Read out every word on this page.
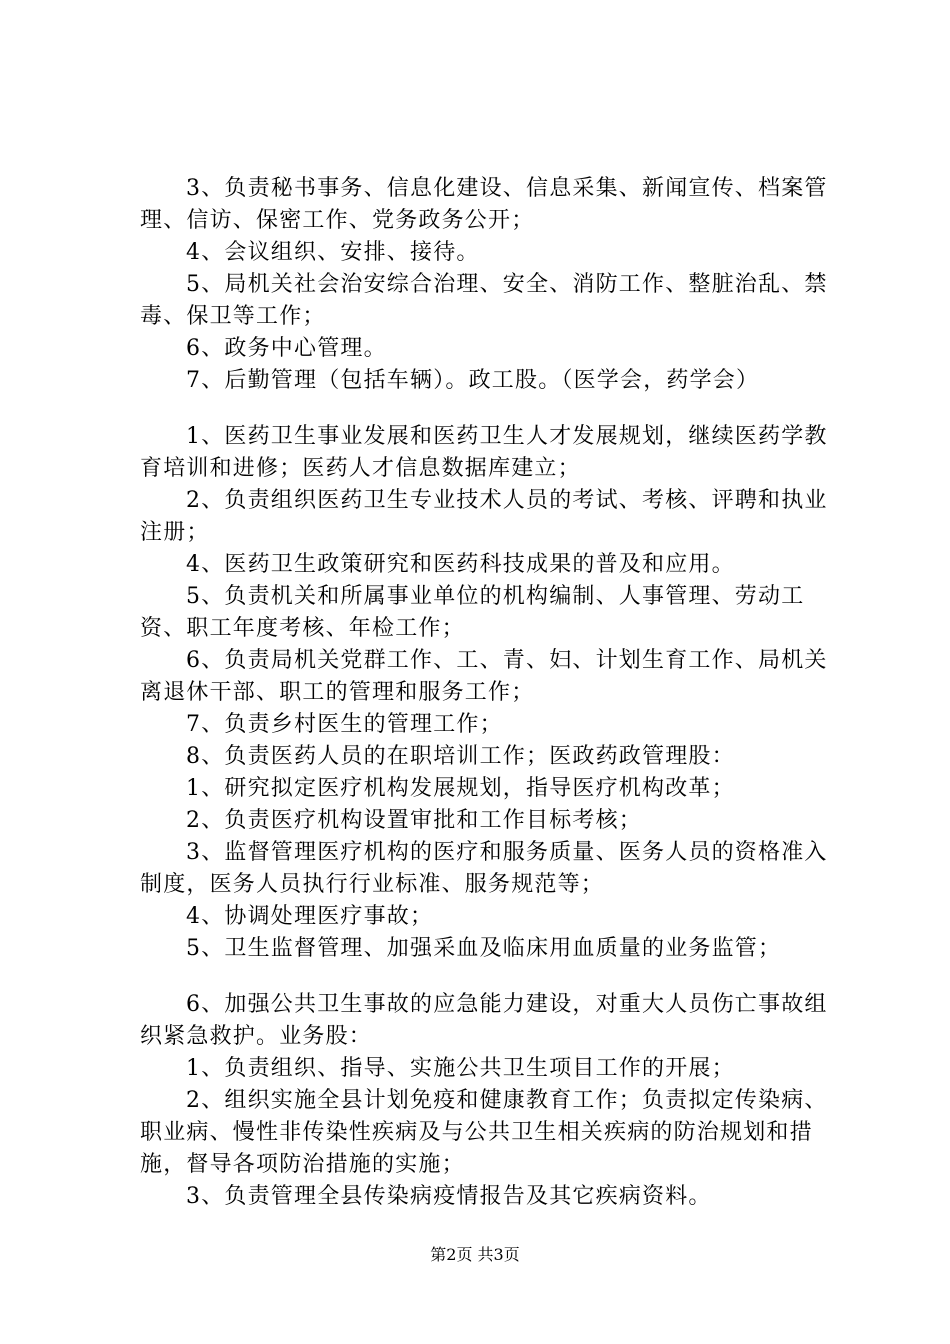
3、负责秘书事务、信息化建设、信息采集、新闻宣传、档案管理、信访、保密工作、党务政务公开；

4、会议组织、安排、接待。

5、局机关社会治安综合治理、安全、消防工作、整脏治乱、禁毒、保卫等工作；

6、政务中心管理。

7、后勤管理（包括车辆）。政工股。（医学会，药学会）

1、医药卫生事业发展和医药卫生人才发展规划，继续医药学教育培训和进修；医药人才信息数据库建立；

2、负责组织医药卫生专业技术人员的考试、考核、评聘和执业注册；

4、医药卫生政策研究和医药科技成果的普及和应用。

5、负责机关和所属事业单位的机构编制、人事管理、劳动工资、职工年度考核、年检工作；

6、负责局机关党群工作、工、青、妇、计划生育工作、局机关离退休干部、职工的管理和服务工作；

7、负责乡村医生的管理工作；

8、负责医药人员的在职培训工作；医政药政管理股：

1、研究拟定医疗机构发展规划，指导医疗机构改革；

2、负责医疗机构设置审批和工作目标考核；

3、监督管理医疗机构的医疗和服务质量、医务人员的资格准入制度，医务人员执行行业标准、服务规范等；

4、协调处理医疗事故；

5、卫生监督管理、加强采血及临床用血质量的业务监管；

6、加强公共卫生事故的应急能力建设，对重大人员伤亡事故组织紧急救护。业务股：

1、负责组织、指导、实施公共卫生项目工作的开展；

2、组织实施全县计划免疫和健康教育工作；负责拟定传染病、职业病、慢性非传染性疾病及与公共卫生相关疾病的防治规划和措施，督导各项防治措施的实施；

3、负责管理全县传染病疫情报告及其它疾病资料。

第2页 共3页
